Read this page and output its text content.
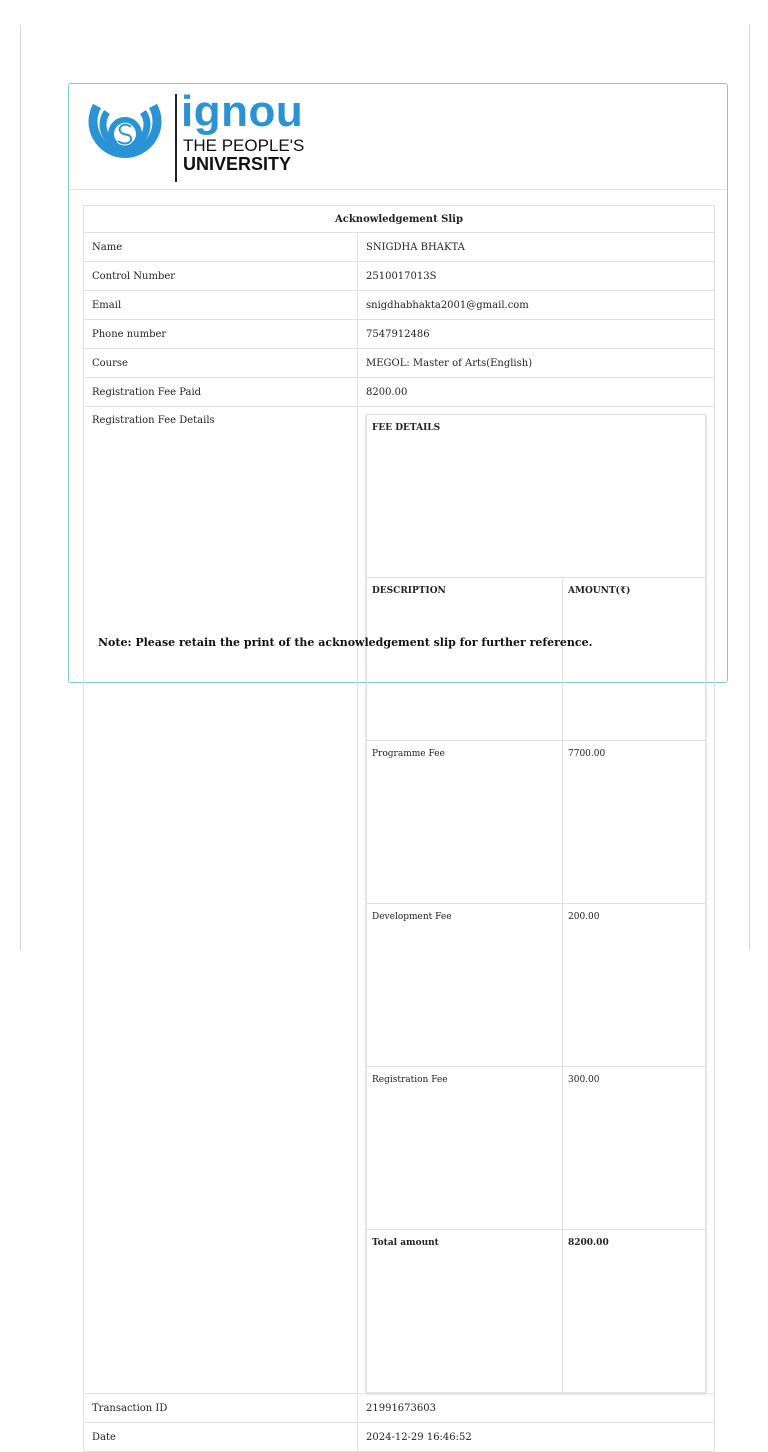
ignou
THE PEOPLE'S
UNIVERSITY
Acknowledgement Slip
Name	SNIGDHA BHAKTA
Control Number	2510017013S
Email	snigdhabhakta2001@gmail.com
Phone number	7547912486
Course	MEGOL: Master of Arts(English)
Registration Fee Paid	8200.00
Registration Fee Details	
FEE DETAILS
DESCRIPTION	AMOUNT(₹)
Programme Fee	7700.00
Development Fee	200.00
Registration Fee	300.00
Total amount	8200.00

Transaction ID	21991673603
Date	2024-12-29 16:46:52
Note: Please retain the print of the acknowledgement slip for further reference.
